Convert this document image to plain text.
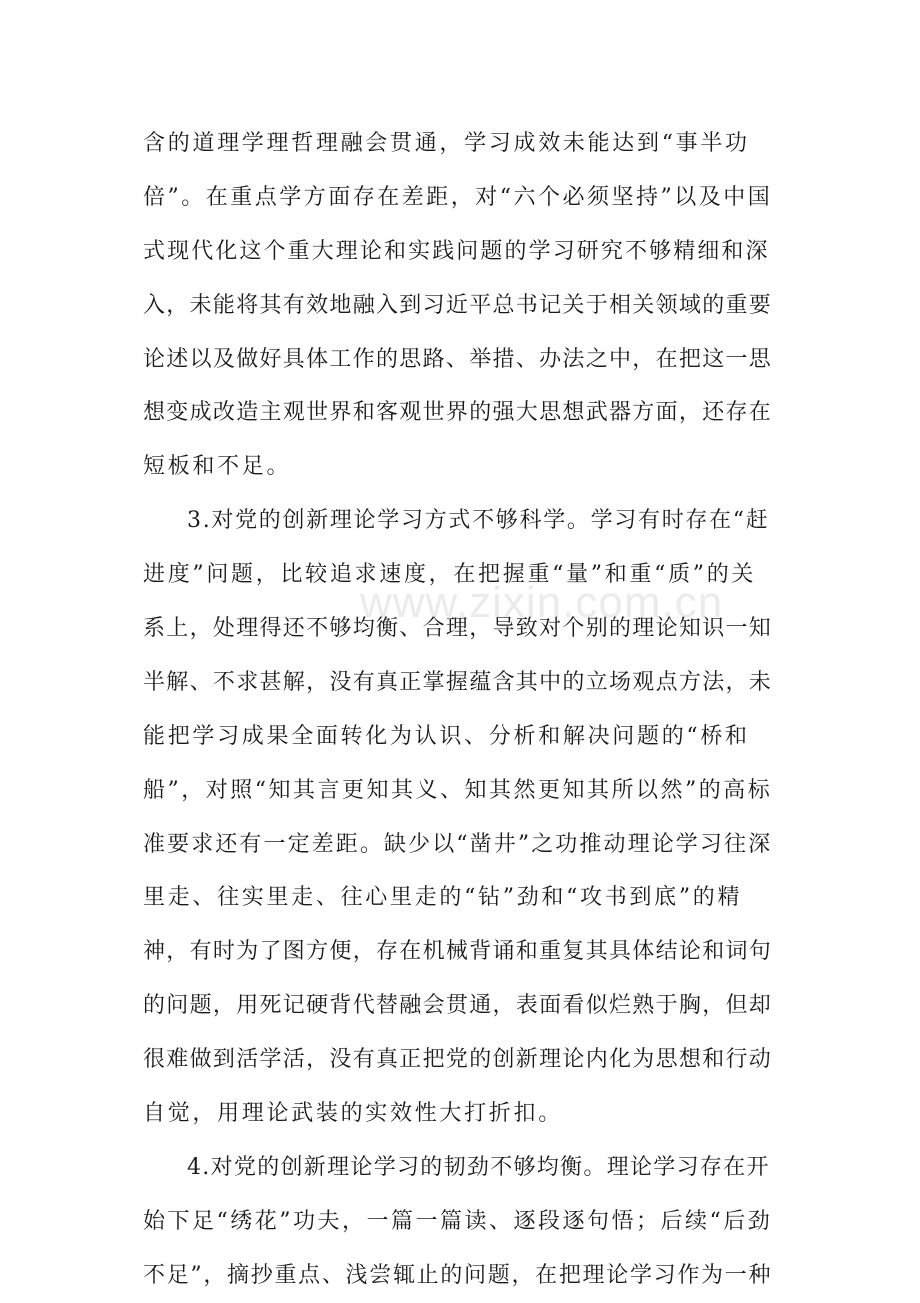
含的道理学理哲理融会贯通，学习成效未能达到“事半功
倍”。在重点学方面存在差距，对“六个必须坚持”以及中国
式现代化这个重大理论和实践问题的学习研究不够精细和深
入，未能将其有效地融入到习近平总书记关于相关领域的重要
论述以及做好具体工作的思路、举措、办法之中，在把这一思
想变成改造主观世界和客观世界的强大思想武器方面，还存在
短板和不足。
3.对党的创新理论学习方式不够科学。学习有时存在“赶
进度”问题，比较追求速度，在把握重“量”和重“质”的关
系上，处理得还不够均衡、合理，导致对个别的理论知识一知
半解、不求甚解，没有真正掌握蕴含其中的立场观点方法，未
能把学习成果全面转化为认识、分析和解决问题的“桥和
船”，对照“知其言更知其义、知其然更知其所以然”的高标
准要求还有一定差距。缺少以“凿井”之功推动理论学习往深
里走、往实里走、往心里走的“钻”劲和“攻书到底”的精
神，有时为了图方便，存在机械背诵和重复其具体结论和词句
的问题，用死记硬背代替融会贯通，表面看似烂熟于胸，但却
很难做到活学活，没有真正把党的创新理论内化为思想和行动
自觉，用理论武装的实效性大打折扣。
4.对党的创新理论学习的韧劲不够均衡。理论学习存在开
始下足“绣花”功夫，一篇一篇读、逐段逐句悟；后续“后劲
不足”，摘抄重点、浅尝辄止的问题，在把理论学习作为一种
www.zixin.com.cn
